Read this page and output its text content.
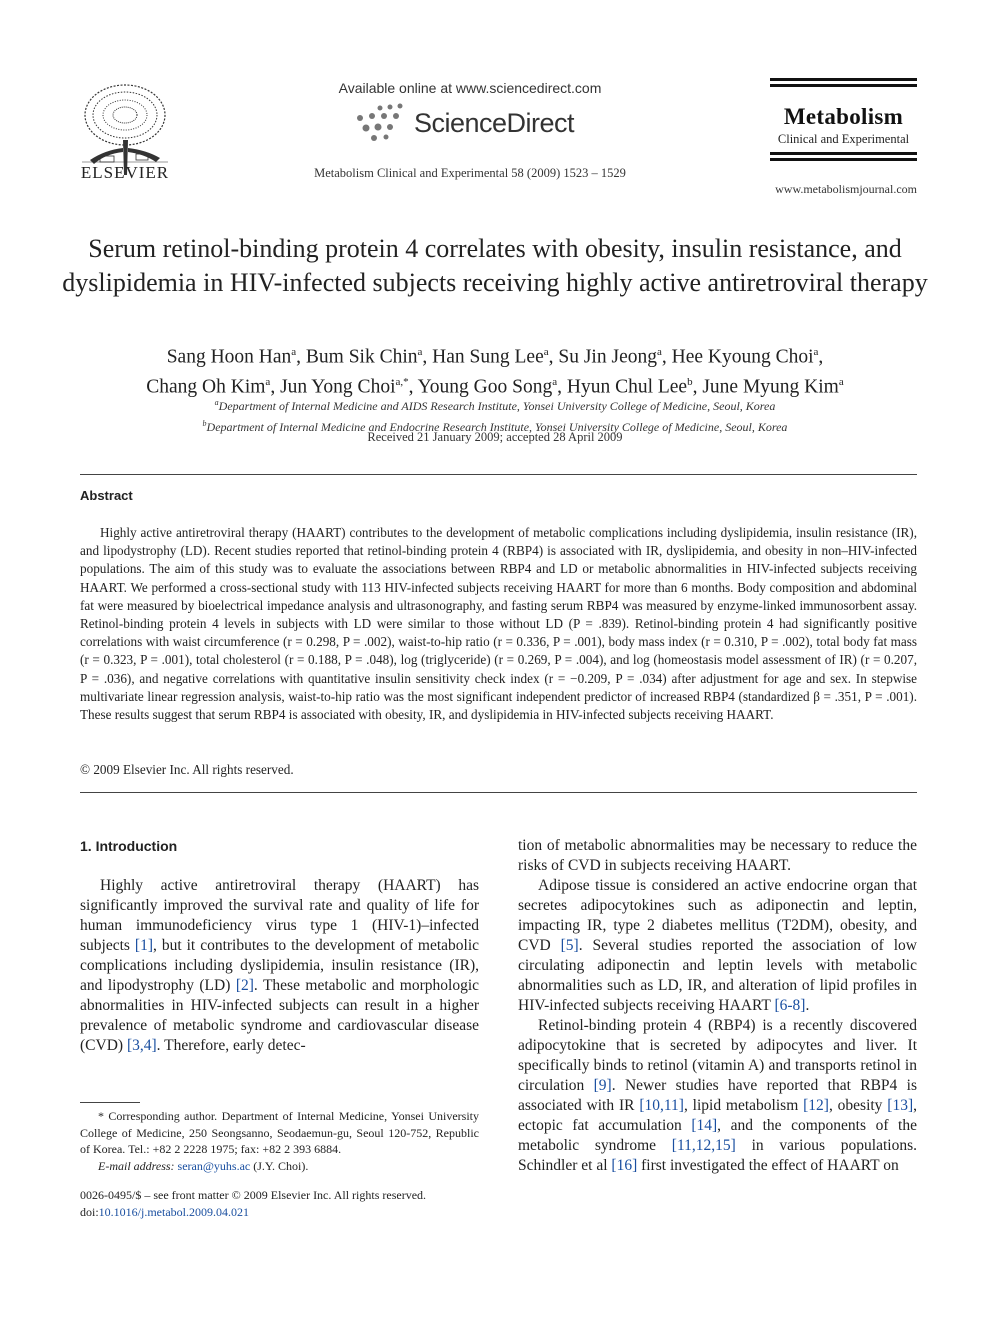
ELSEVIER
Available online at www.sciencedirect.com
ScienceDirect
Metabolism Clinical and Experimental 58 (2009) 1523 – 1529
Metabolism
Clinical and Experimental
www.metabolismjournal.com
Serum retinol-binding protein 4 correlates with obesity, insulin resistance, and dyslipidemia in HIV-infected subjects receiving highly active antiretroviral therapy
Sang Hoon Han$^a$, Bum Sik Chin$^a$, Han Sung Lee$^a$, Su Jin Jeong$^a$, Hee Kyoung Choi$^a$,
Chang Oh Kim$^a$, Jun Yong Choi$^{a,*}$, Young Goo Song$^a$, Hyun Chul Lee$^b$, June Myung Kim$^a$
$^a$Department of Internal Medicine and AIDS Research Institute, Yonsei University College of Medicine, Seoul, Korea
$^b$Department of Internal Medicine and Endocrine Research Institute, Yonsei University College of Medicine, Seoul, Korea
Received 21 January 2009; accepted 28 April 2009
Abstract
Highly active antiretroviral therapy (HAART) contributes to the development of metabolic complications including dyslipidemia, insulin resistance (IR), and lipodystrophy (LD). Recent studies reported that retinol-binding protein 4 (RBP4) is associated with IR, dyslipidemia, and obesity in non–HIV-infected populations. The aim of this study was to evaluate the associations between RBP4 and LD or metabolic abnormalities in HIV-infected subjects receiving HAART. We performed a cross-sectional study with 113 HIV-infected subjects receiving HAART for more than 6 months. Body composition and abdominal fat were measured by bioelectrical impedance analysis and ultrasonography, and fasting serum RBP4 was measured by enzyme-linked immunosorbent assay. Retinol-binding protein 4 levels in subjects with LD were similar to those without LD (P = .839). Retinol-binding protein 4 had significantly positive correlations with waist circumference (r = 0.298, P = .002), waist-to-hip ratio (r = 0.336, P = .001), body mass index (r = 0.310, P = .002), total body fat mass (r = 0.323, P = .001), total cholesterol (r = 0.188, P = .048), log (triglyceride) (r = 0.269, P = .004), and log (homeostasis model assessment of IR) (r = 0.207, P = .036), and negative correlations with quantitative insulin sensitivity check index (r = −0.209, P = .034) after adjustment for age and sex. In stepwise multivariate linear regression analysis, waist-to-hip ratio was the most significant independent predictor of increased RBP4 (standardized β = .351, P = .001). These results suggest that serum RBP4 is associated with obesity, IR, and dyslipidemia in HIV-infected subjects receiving HAART.
© 2009 Elsevier Inc. All rights reserved.
1. Introduction

Highly active antiretroviral therapy (HAART) has significantly improved the survival rate and quality of life for human immunodeficiency virus type 1 (HIV-1)–infected subjects [1], but it contributes to the development of metabolic complications including dyslipidemia, insulin resistance (IR), and lipodystrophy (LD) [2]. These metabolic and morphologic abnormalities in HIV-infected subjects can result in a higher prevalence of metabolic syndrome and cardiovascular disease (CVD) [3,4]. Therefore, early detec-

tion of metabolic abnormalities may be necessary to reduce the risks of CVD in subjects receiving HAART.

Adipose tissue is considered an active endocrine organ that secretes adipocytokines such as adiponectin and leptin, impacting IR, type 2 diabetes mellitus (T2DM), obesity, and CVD [5]. Several studies reported the association of low circulating adiponectin and leptin levels with metabolic abnormalities such as LD, IR, and alteration of lipid profiles in HIV-infected subjects receiving HAART [6-8].

Retinol-binding protein 4 (RBP4) is a recently discovered adipocytokine that is secreted by adipocytes and liver. It specifically binds to retinol (vitamin A) and transports retinol in circulation [9]. Newer studies have reported that RBP4 is associated with IR [10,11], lipid metabolism [12], obesity [13], ectopic fat accumulation [14], and the components of the metabolic syndrome [11,12,15] in various populations. Schindler et al [16] first investigated the effect of HAART on

* Corresponding author. Department of Internal Medicine, Yonsei University College of Medicine, 250 Seongsanno, Seodaemun-gu, Seoul 120-752, Republic of Korea. Tel.: +82 2 2228 1975; fax: +82 2 393 6884.

E-mail address: seran@yuhs.ac (J.Y. Choi).

0026-0495/$ – see front matter © 2009 Elsevier Inc. All rights reserved.
doi:10.1016/j.metabol.2009.04.021
